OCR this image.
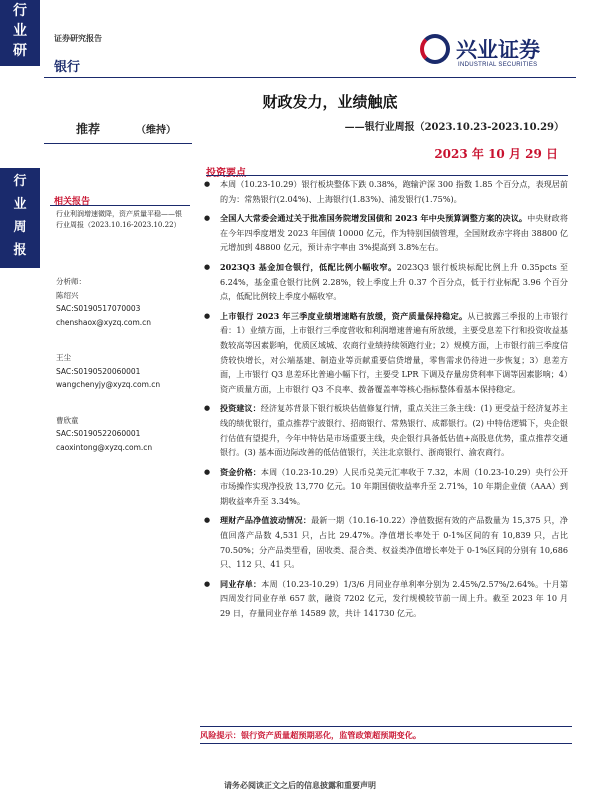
行
业
研
证券研究报告
银行
兴业证券
INDUSTRIAL SECURITIES
财政发力，业绩触底
——银行业周报（2023.10.23-2023.10.29）
推荐	（维持）
2023 年 10 月 29 日
行
业
周
报
相关报告
行业利润增速微降，资产质量平稳——银行业周报（2023.10.16-2023.10.22）
分析师：
陈绍兴
SAC:S0190517070003
chenshaox@xyzq.com.cn
王尘
SAC:S0190520060001
wangchenyjy@xyzq.com.cn
曹欣童
SAC:S0190522060001
caoxintong@xyzq.com.cn
投资要点
● 本周（10.23-10.29）银行板块整体下跌 0.38%，跑输沪深 300 指数 1.85 个百分点，表现居前的为：常熟银行(2.04%)、上海银行(1.83%)、浦发银行(1.75%)。
● 全国人大常委会通过关于批准国务院增发国债和 2023 年中央预算调整方案的决议。中央财政将在今年四季度增发 2023 年国债 10000 亿元，作为特别国债管理，全国财政赤字将由 38800 亿元增加到 48800 亿元，预计赤字率由 3%提高到 3.8%左右。
● 2023Q3 基金加仓银行，低配比例小幅收窄。2023Q3 银行板块标配比例上升 0.35pcts 至 6.24%，基金重仓银行比例 2.28%，较上季度上升 0.37 个百分点，低于行业标配 3.96 个百分点，低配比例较上季度小幅收窄。
● 上市银行 2023 年三季度业绩增速略有放缓，资产质量保持稳定。从已披露三季报的上市银行看：1）业绩方面，上市银行三季度营收和利润增速普遍有所放缓，主要受息差下行和投资收益基数较高等因素影响，优质区域城、农商行业绩持续领跑行业；2）规模方面，上市银行前三季度信贷较快增长，对公端基建、制造业等贡献重要信贷增量，零售需求仍待进一步恢复；3）息差方面，上市银行 Q3 息差环比普遍小幅下行，主要受 LPR 下调及存量房贷利率下调等因素影响；4）资产质量方面，上市银行 Q3 不良率、拨备覆盖率等核心指标整体看基本保持稳定。
● 投资建议：经济复苏背景下银行板块估值修复行情，重点关注三条主线：(1) 更受益于经济复苏主线的绩优银行，重点推荐宁波银行、招商银行、常熟银行、成都银行。(2) 中特估逻辑下，央企银行估值有望提升，今年中特估是市场重要主线，央企银行具备低估值+高股息优势，重点推荐交通银行。(3) 基本面边际改善的低估值银行，关注北京银行、浙商银行、渝农商行。
● 资金价格：本周（10.23-10.29）人民币兑美元汇率收于 7.32，本周（10.23-10.29）央行公开市场操作实现净投放 13,770 亿元。10 年期国债收益率升至 2.71%，10 年期企业债（AAA）到期收益率升至 3.34%。
● 理财产品净值波动情况：最新一期（10.16-10.22）净值数据有效的产品数量为 15,375 只，净值回落产品数 4,531 只，占比 29.47%。净值增长率处于 0-1%区间的有 10,839 只，占比 70.50%；分产品类型看，固收类、混合类、权益类净值增长率处于 0-1%区间的分别有 10,686 只、112 只、41 只。
● 同业存单：本周（10.23-10.29）1/3/6 月同业存单利率分别为 2.45%/2.57%/2.64%。十月第四周发行同业存单 657 款，融资 7202 亿元，发行规模较节前一周上升。截至 2023 年 10 月 29 日，存量同业存单 14589 款，共计 141730 亿元。
风险提示：银行资产质量超预期恶化，监管政策超预期变化。
请务必阅读正文之后的信息披露和重要声明
